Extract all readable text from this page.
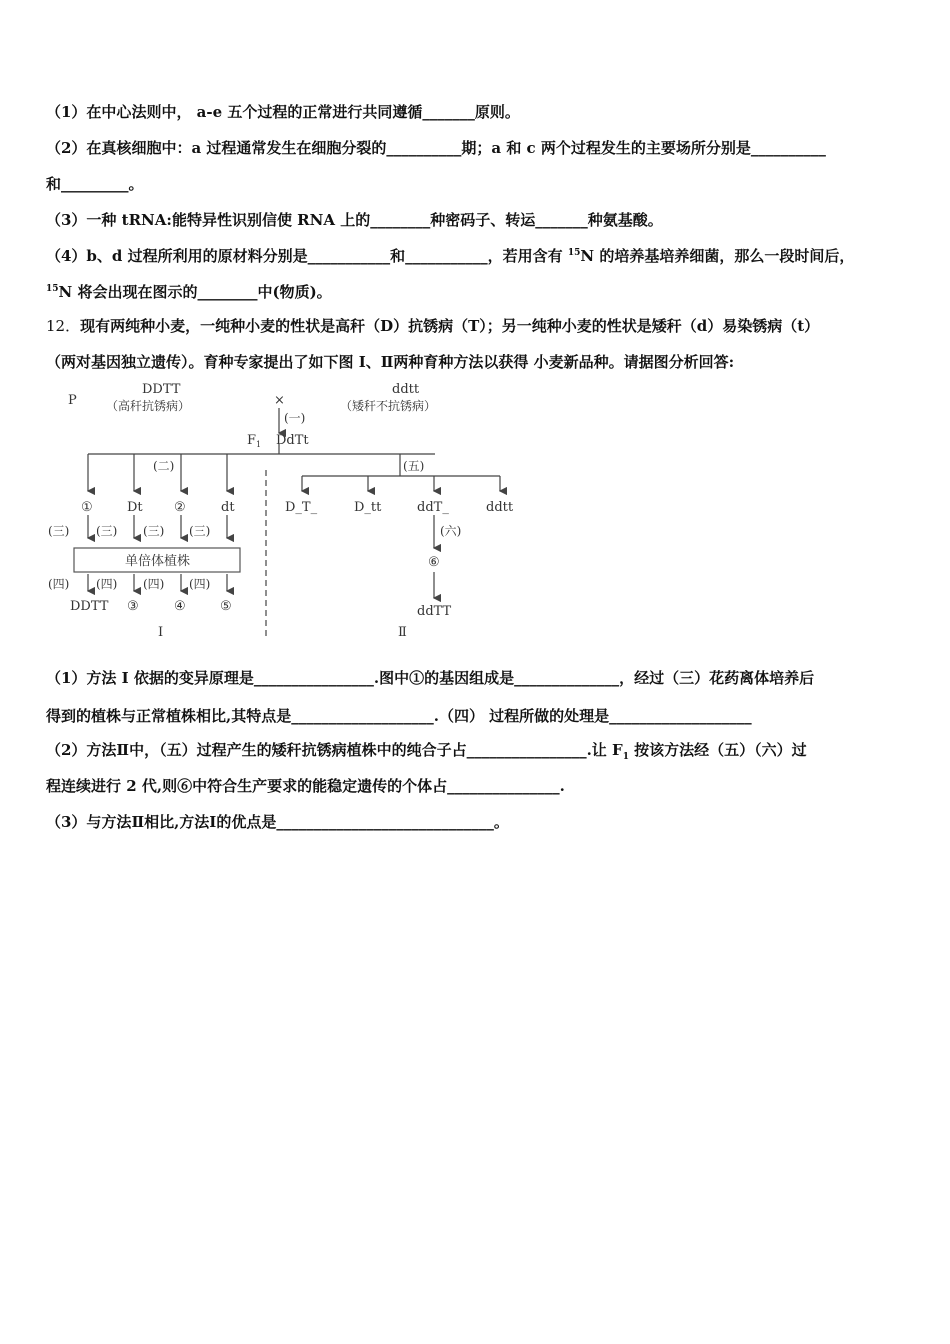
（1）在中心法则中， a-e 五个过程的正常进行共同遵循_______原则。
（2）在真核细胞中：a 过程通常发生在细胞分裂的__________期；a 和 c 两个过程发生的主要场所分别是__________
和_________。
（3）一种 tRNA:能特异性识别信使 RNA 上的________种密码子、转运_______种氨基酸。
（4）b、d 过程所利用的原材料分别是___________和___________，若用含有 $^{15}$N 的培养基培养细菌，那么一段时间后，
$^{15}$N 将会出现在图示的________中(物质)。
12．现有两纯种小麦，一纯种小麦的性状是高秆（D）抗锈病（T）；另一纯种小麦的性状是矮秆（d）易染锈病（t）
（两对基因独立遗传）。育种专家提出了如下图 I、Ⅱ两种育种方法以获得 小麦新品种。请据图分析回答:
P
DDTT
（高秆抗锈病）	×
ddtt
（矮秆不抗锈病）
(一)
$F_1$ DdTt
(二)	(五)
①	Dt ②	dt	D_T_	D_tt	ddT_	ddtt
(三) (三) (三) (三)	(六)
单倍体植株
(四) (四) (四) (四)
⑥
DDTT ③	④	⑤	ddTT
I	Ⅱ
（1）方法 I 依据的变异原理是________________.图中①的基因组成是______________，经过（三）花药离体培养后
得到的植株与正常植株相比,其特点是___________________.（四） 过程所做的处理是___________________
（2）方法Ⅱ中，（五）过程产生的矮秆抗锈病植株中的纯合子占________________.让 $F_1$ 按该方法经（五）（六）过
程连续进行 2 代,则⑥中符合生产要求的能稳定遗传的个体占_______________.
（3）与方法Ⅱ相比,方法Ⅰ的优点是_____________________________。
